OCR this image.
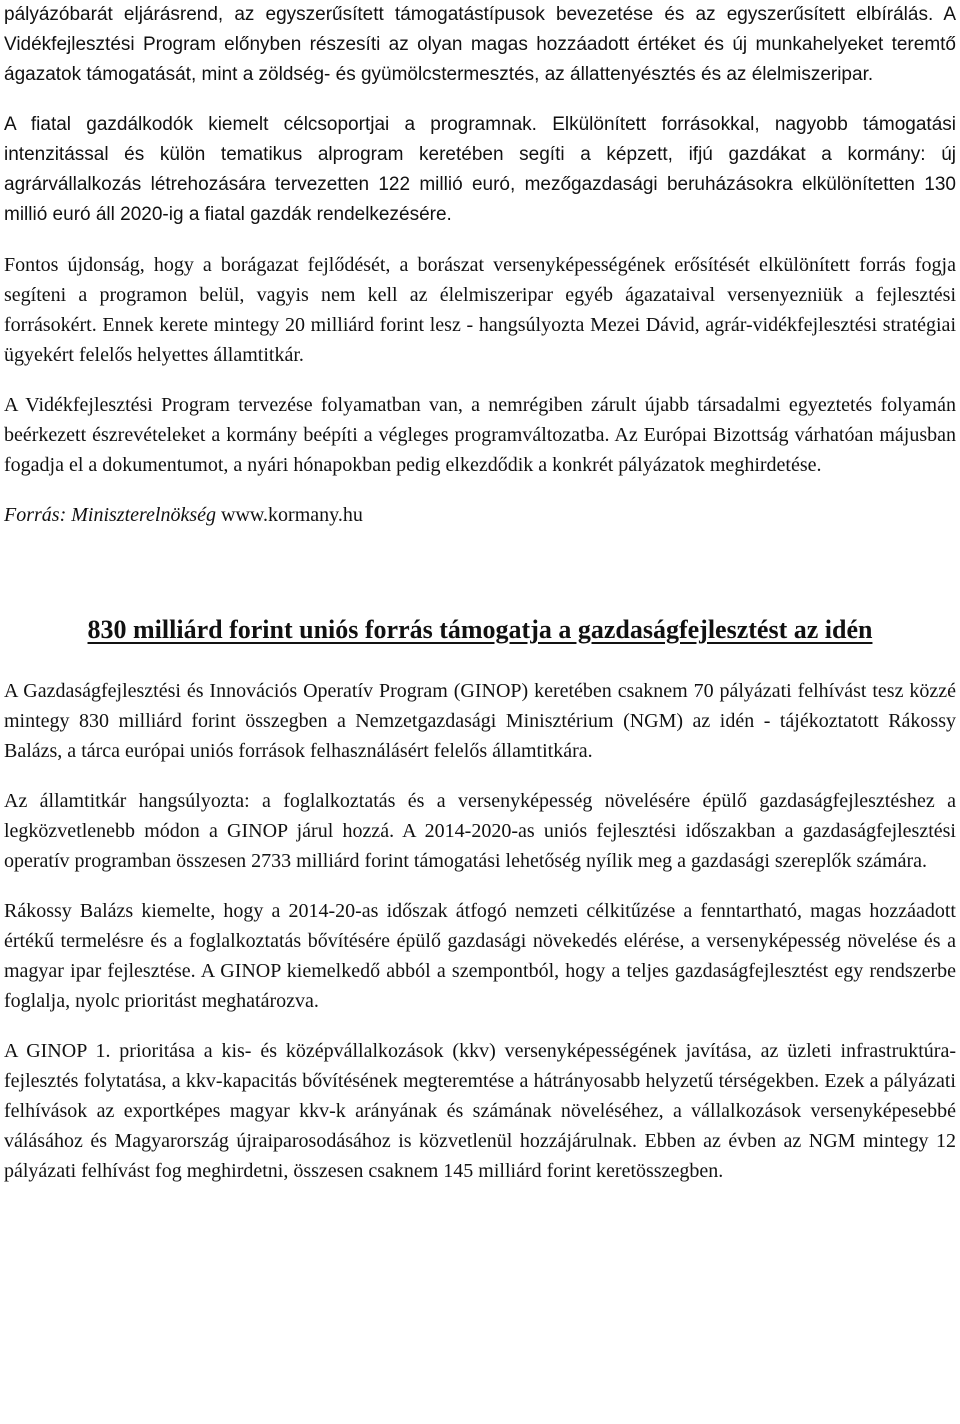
pályázóbarát eljárásrend, az egyszerűsített támogatástípusok bevezetése és az egyszerűsített elbírálás. A Vidékfejlesztési Program előnyben részesíti az olyan magas hozzáadott értéket és új munkahelyeket teremtő ágazatok támogatását, mint a zöldség- és gyümölcstermesztés, az állattenyésztés és az élelmiszeripar.

A fiatal gazdálkodók kiemelt célcsoportjai a programnak. Elkülönített forrásokkal, nagyobb támogatási intenzitással és külön tematikus alprogram keretében segíti a képzett, ifjú gazdákat a kormány: új agrárvállalkozás létrehozására tervezetten 122 millió euró, mezőgazdasági beruházásokra elkülönítetten 130 millió euró áll 2020-ig a fiatal gazdák rendelkezésére.

Fontos újdonság, hogy a borágazat fejlődését, a borászat versenyképességének erősítését elkülönített forrás fogja segíteni a programon belül, vagyis nem kell az élelmiszeripar egyéb ágazataival versenyezniük a fejlesztési forrásokért. Ennek kerete mintegy 20 milliárd forint lesz - hangsúlyozta Mezei Dávid, agrár-vidékfejlesztési stratégiai ügyekért felelős helyettes államtitkár.

A Vidékfejlesztési Program tervezése folyamatban van, a nemrégiben zárult újabb társadalmi egyeztetés folyamán beérkezett észrevételeket a kormány beépíti a végleges programváltozatba. Az Európai Bizottság várhatóan májusban fogadja el a dokumentumot, a nyári hónapokban pedig elkezdődik a konkrét pályázatok meghirdetése.

Forrás: Miniszterelnökség www.kormany.hu

830 milliárd forint uniós forrás támogatja a gazdaságfejlesztést az idén

A Gazdaságfejlesztési és Innovációs Operatív Program (GINOP) keretében csaknem 70 pályázati felhívást tesz közzé mintegy 830 milliárd forint összegben a Nemzetgazdasági Minisztérium (NGM) az idén - tájékoztatott Rákossy Balázs, a tárca európai uniós források felhasználásért felelős államtitkára.

Az államtitkár hangsúlyozta: a foglalkoztatás és a versenyképesség növelésére épülő gazdaságfejlesztéshez a legközvetlenebb módon a GINOP járul hozzá. A 2014-2020-as uniós fejlesztési időszakban a gazdaságfejlesztési operatív programban összesen 2733 milliárd forint támogatási lehetőség nyílik meg a gazdasági szereplők számára.

Rákossy Balázs kiemelte, hogy a 2014-20-as időszak átfogó nemzeti célkitűzése a fenntartható, magas hozzáadott értékű termelésre és a foglalkoztatás bővítésére épülő gazdasági növekedés elérése, a versenyképesség növelése és a magyar ipar fejlesztése. A GINOP kiemelkedő abból a szempontból, hogy a teljes gazdaságfejlesztést egy rendszerbe foglalja, nyolc prioritást meghatározva.

A GINOP 1. prioritása a kis- és középvállalkozások (kkv) versenyképességének javítása, az üzleti infrastruktúra-fejlesztés folytatása, a kkv-kapacitás bővítésének megteremtése a hátrányosabb helyzetű térségekben. Ezek a pályázati felhívások az exportképes magyar kkv-k arányának és számának növeléséhez, a vállalkozások versenyképesebbé válásához és Magyarország újraiparosodásához is közvetlenül hozzájárulnak. Ebben az évben az NGM mintegy 12 pályázati felhívást fog meghirdetni, összesen csaknem 145 milliárd forint keretösszegben.
